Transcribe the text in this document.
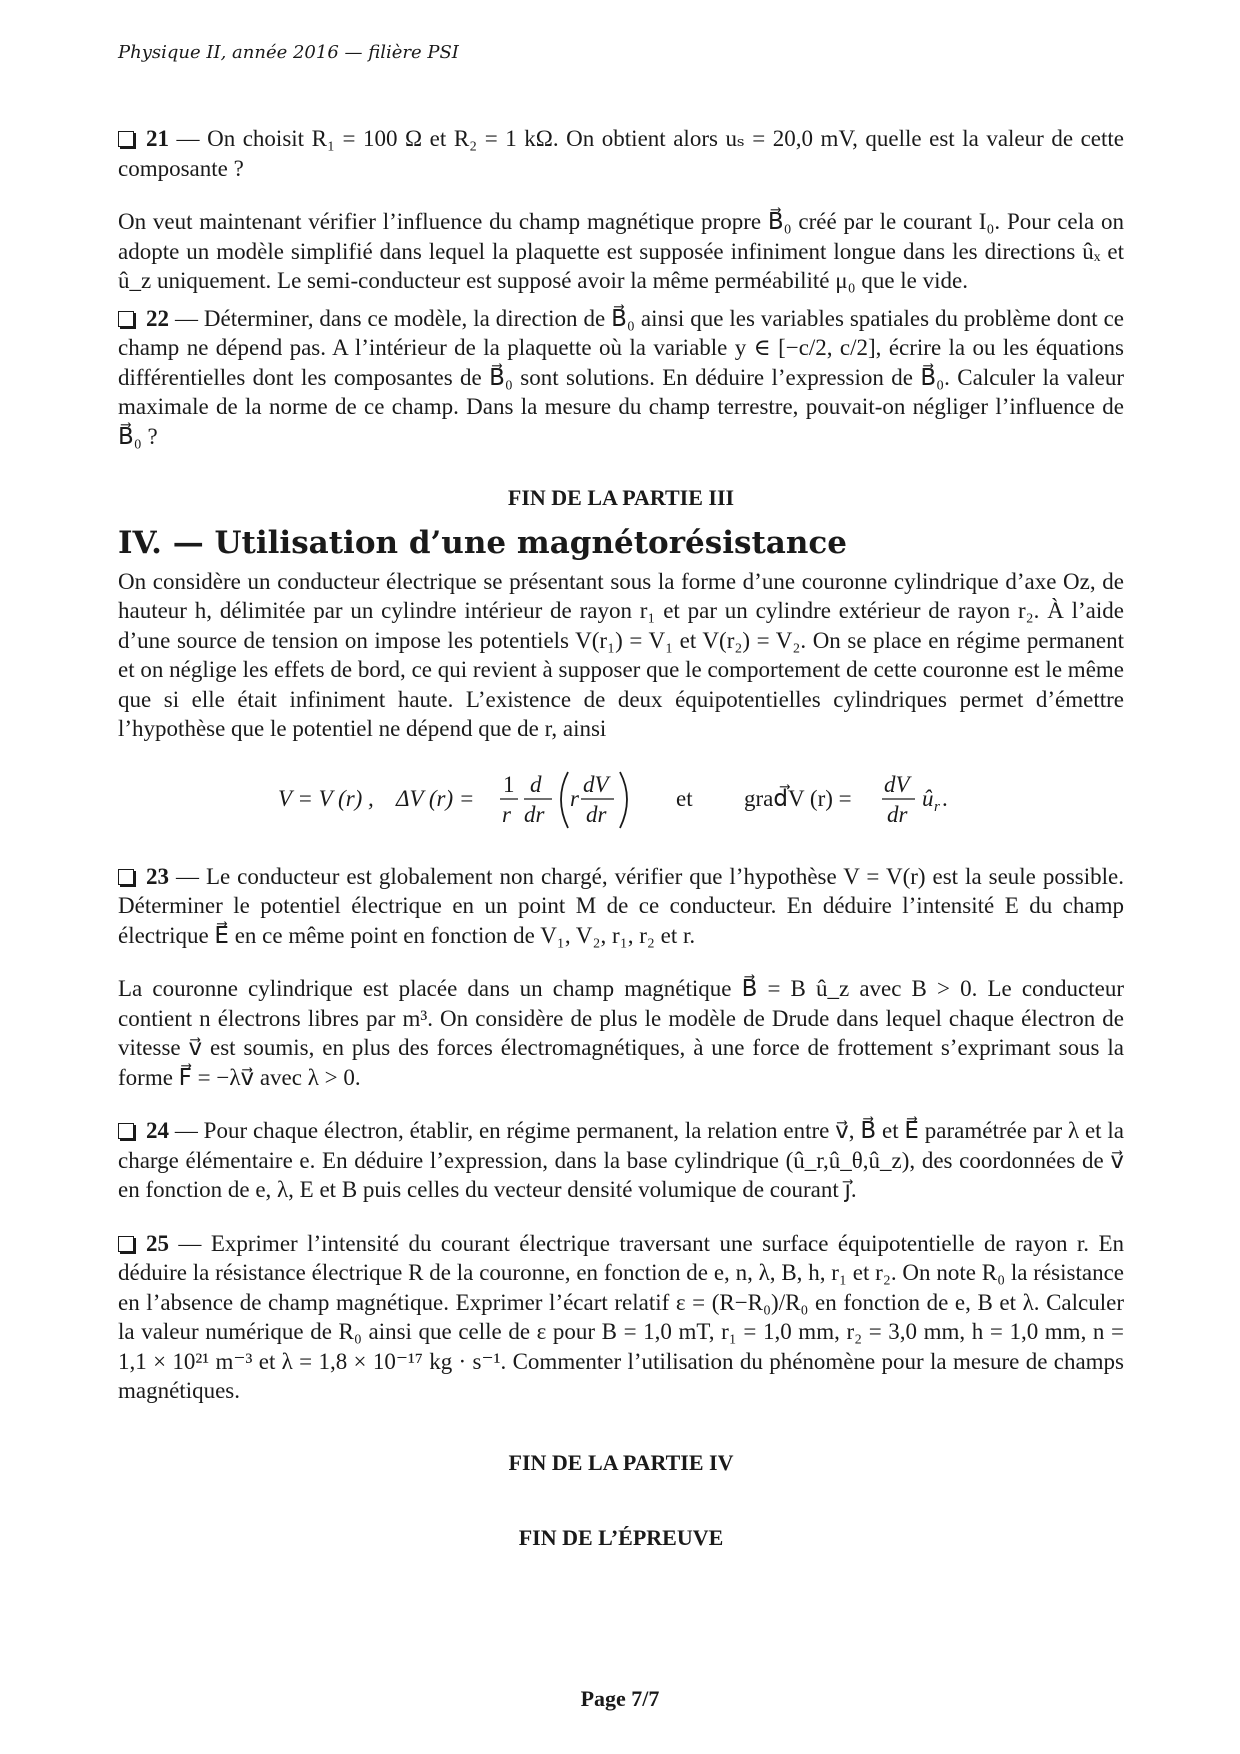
Physique II, année 2016 — filière PSI

21 — On choisit R₁ = 100 Ω et R₂ = 1 kΩ. On obtient alors uₛ = 20,0 mV, quelle est la valeur de cette composante ?

On veut maintenant vérifier l’influence du champ magnétique propre B⃗₀ créé par le courant I₀. Pour cela on adopte un modèle simplifié dans lequel la plaquette est supposée infiniment longue dans les directions ûₓ et û_z uniquement. Le semi-conducteur est supposé avoir la même perméabilité μ₀ que le vide.

22 — Déterminer, dans ce modèle, la direction de B⃗₀ ainsi que les variables spatiales du problème dont ce champ ne dépend pas. A l’intérieur de la plaquette où la variable y ∈ [−c/2, c/2], écrire la ou les équations différentielles dont les composantes de B⃗₀ sont solutions. En déduire l’expression de B⃗₀. Calculer la valeur maximale de la norme de ce champ. Dans la mesure du champ terrestre, pouvait-on négliger l’influence de B⃗₀ ?

FIN DE LA PARTIE III

IV. — Utilisation d’une magnétorésistance

On considère un conducteur électrique se présentant sous la forme d’une couronne cylindrique d’axe Oz, de hauteur h, délimitée par un cylindre intérieur de rayon r₁ et par un cylindre extérieur de rayon r₂. À l’aide d’une source de tension on impose les potentiels V(r₁) = V₁ et V(r₂) = V₂. On se place en régime permanent et on néglige les effets de bord, ce qui revient à supposer que le comportement de cette couronne est le même que si elle était infiniment haute. L’existence de deux équipotentielles cylindriques permet d’émettre l’hypothèse que le potentiel ne dépend que de r, ainsi

V = V (r) , ΔV (r) =
1
r
d
dr
r
dV
dr
et grad⃗V (r) =
dV
dr
û r .

23 — Le conducteur est globalement non chargé, vérifier que l’hypothèse V = V(r) est la seule possible. Déterminer le potentiel électrique en un point M de ce conducteur. En déduire l’intensité E du champ électrique E⃗ en ce même point en fonction de V₁, V₂, r₁, r₂ et r.

La couronne cylindrique est placée dans un champ magnétique B⃗ = B û_z avec B > 0. Le conducteur contient n électrons libres par m³. On considère de plus le modèle de Drude dans lequel chaque électron de vitesse v⃗ est soumis, en plus des forces électromagnétiques, à une force de frottement s’exprimant sous la forme F⃗ = −λv⃗ avec λ > 0.

24 — Pour chaque électron, établir, en régime permanent, la relation entre v⃗, B⃗ et E⃗ paramétrée par λ et la charge élémentaire e. En déduire l’expression, dans la base cylindrique (û_r,û_θ,û_z), des coordonnées de v⃗ en fonction de e, λ, E et B puis celles du vecteur densité volumique de courant j⃗.

25 — Exprimer l’intensité du courant électrique traversant une surface équipotentielle de rayon r. En déduire la résistance électrique R de la couronne, en fonction de e, n, λ, B, h, r₁ et r₂. On note R₀ la résistance en l’absence de champ magnétique. Exprimer l’écart relatif ε = (R−R₀)/R₀ en fonction de e, B et λ. Calculer la valeur numérique de R₀ ainsi que celle de ε pour B = 1,0 mT, r₁ = 1,0 mm, r₂ = 3,0 mm, h = 1,0 mm, n = 1,1 × 10²¹ m⁻³ et λ = 1,8 × 10⁻¹⁷ kg · s⁻¹. Commenter l’utilisation du phénomène pour la mesure de champs magnétiques.

FIN DE LA PARTIE IV

FIN DE L’ÉPREUVE

Page 7/7
